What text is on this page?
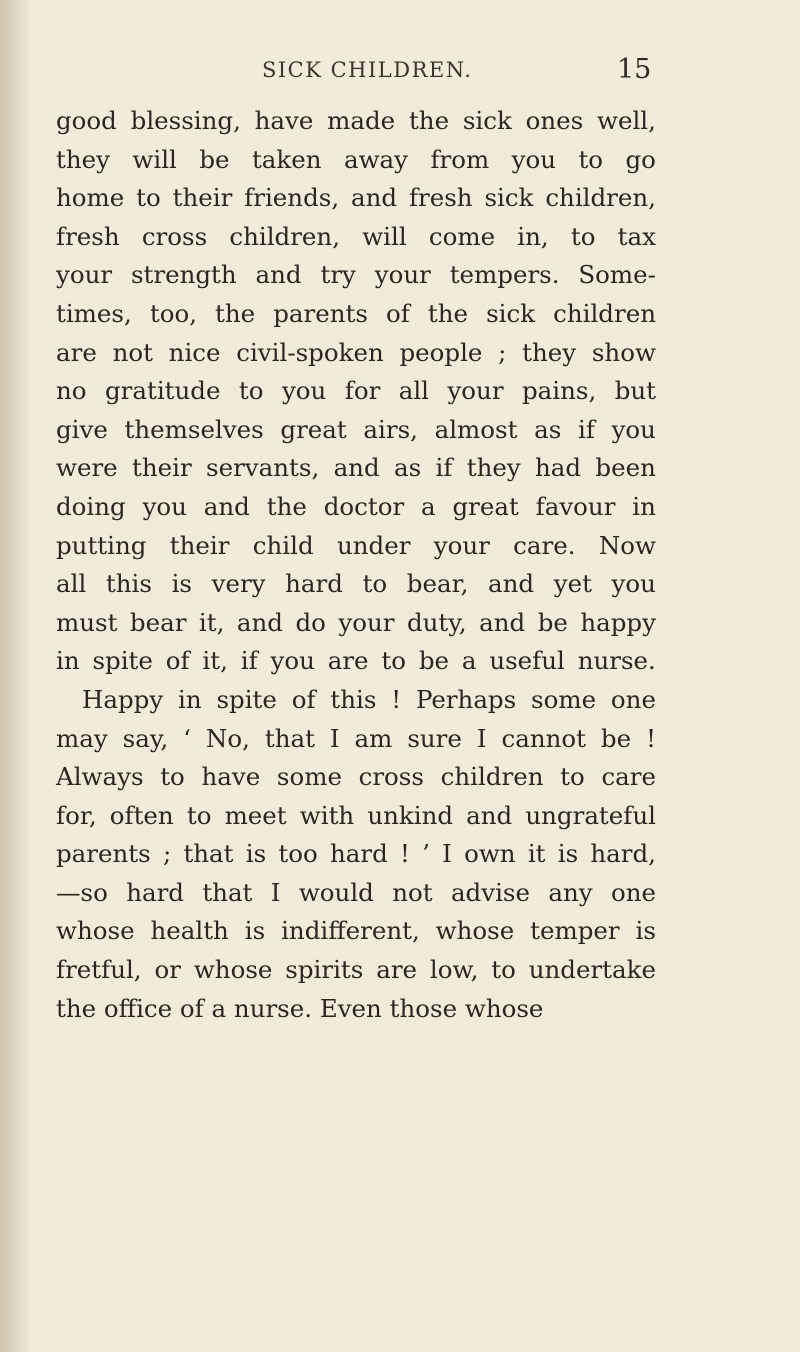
SICK CHILDREN.	15
good blessing, have made the sick ones well,
they will be taken away from you to go
home to their friends, and fresh sick children,
fresh cross children, will come in, to tax
your strength and try your tempers. Some-
times, too, the parents of the sick children
are not nice civil-spoken people ; they show
no gratitude to you for all your pains, but
give themselves great airs, almost as if you
were their servants, and as if they had been
doing you and the doctor a great favour in
putting their child under your care. Now
all this is very hard to bear, and yet you
must bear it, and do your duty, and be happy
in spite of it, if you are to be a useful nurse.
Happy in spite of this ! Perhaps some one
may say, ‘ No, that I am sure I cannot be !
Always to have some cross children to care
for, often to meet with unkind and ungrateful
parents ; that is too hard ! ’ I own it is hard,
—so hard that I would not advise any one
whose health is indifferent, whose temper is
fretful, or whose spirits are low, to undertake
the office of a nurse. Even those whose
